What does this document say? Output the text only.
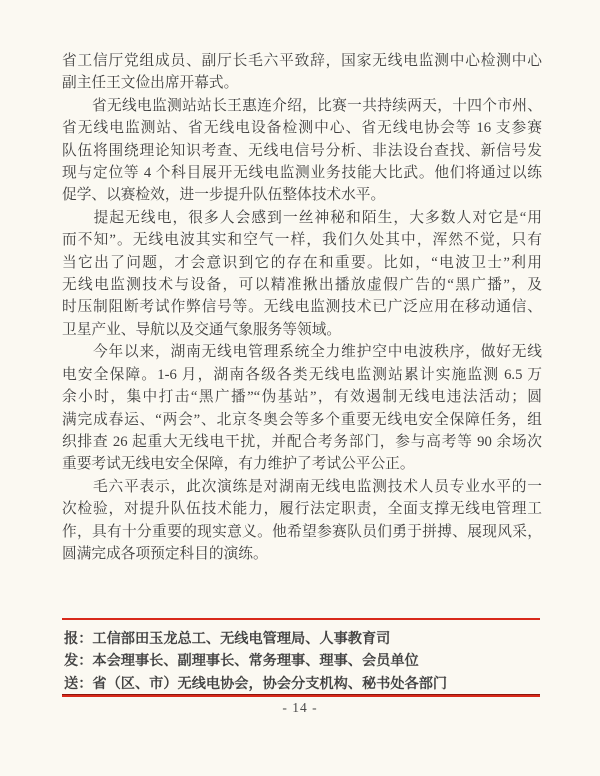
省工信厅党组成员、副厅长毛六平致辞，国家无线电监测中心检测中心
副主任王文俭出席开幕式。
　　省无线电监测站站长王惠连介绍，比赛一共持续两天，十四个市州、
省无线电监测站、省无线电设备检测中心、省无线电协会等 16 支参赛
队伍将围绕理论知识考查、无线电信号分析、非法设台查找、新信号发
现与定位等 4 个科目展开无线电监测业务技能大比武。他们将通过以练
促学、以赛检效，进一步提升队伍整体技术水平。
　　提起无线电，很多人会感到一丝神秘和陌生，大多数人对它是“用
而不知”。无线电波其实和空气一样，我们久处其中，浑然不觉，只有
当它出了问题，才会意识到它的存在和重要。比如，“电波卫士”利用
无线电监测技术与设备，可以精准揪出播放虚假广告的“黑广播”，及
时压制阻断考试作弊信号等。无线电监测技术已广泛应用在移动通信、
卫星产业、导航以及交通气象服务等领域。
　　今年以来，湖南无线电管理系统全力维护空中电波秩序，做好无线
电安全保障。1-6 月，湖南各级各类无线电监测站累计实施监测 6.5 万
余小时，集中打击“黑广播”“伪基站”，有效遏制无线电违法活动；圆
满完成春运、“两会”、北京冬奥会等多个重要无线电安全保障任务，组
织排查 26 起重大无线电干扰，并配合考务部门，参与高考等 90 余场次
重要考试无线电安全保障，有力维护了考试公平公正。
　　毛六平表示，此次演练是对湖南无线电监测技术人员专业水平的一
次检验，对提升队伍技术能力，履行法定职责，全面支撑无线电管理工
作，具有十分重要的现实意义。他希望参赛队员们勇于拼搏、展现风采，
圆满完成各项预定科目的演练。
报：工信部田玉龙总工、无线电管理局、人事教育司
发：本会理事长、副理事长、常务理事、理事、会员单位
送：省（区、市）无线电协会，协会分支机构、秘书处各部门
- 14 -
